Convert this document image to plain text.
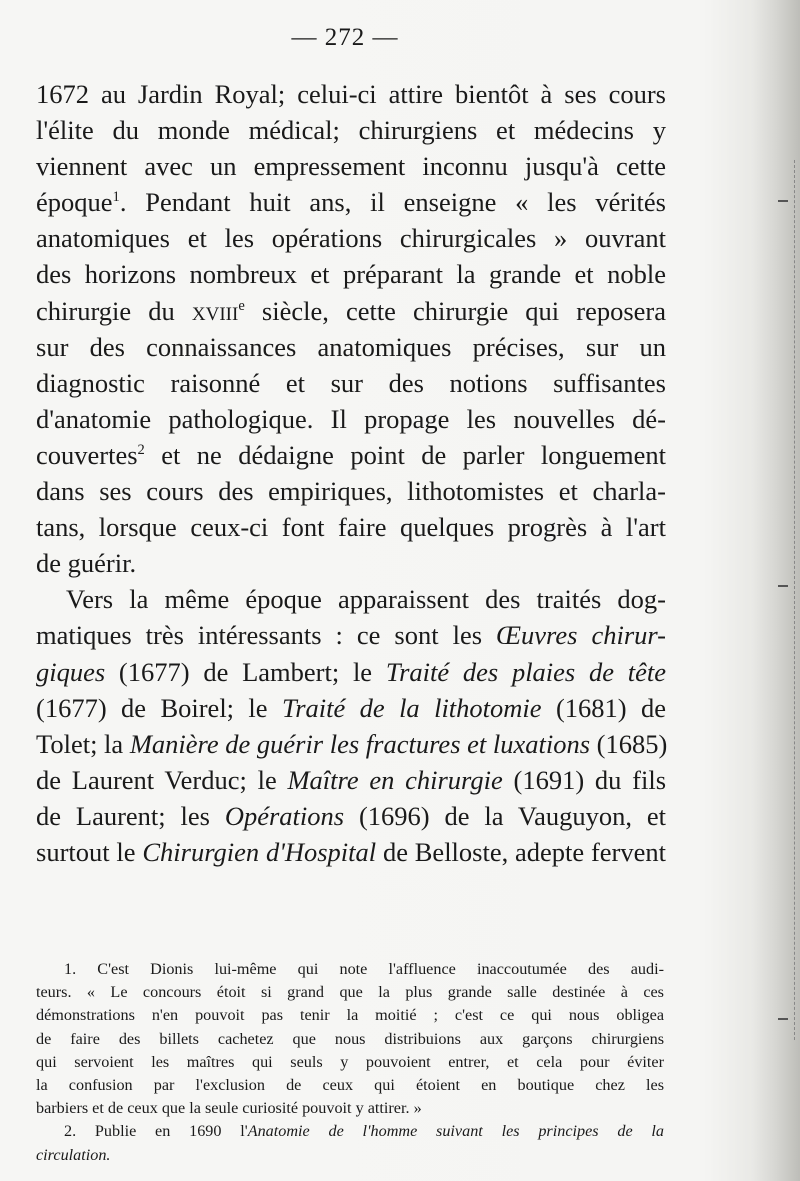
— 272 —
1672 au Jardin Royal; celui-ci attire bientôt à ses cours
l'élite du monde médical; chirurgiens et médecins y
viennent avec un empressement inconnu jusqu'à cette
époque$^1$. Pendant huit ans, il enseigne « les vérités
anatomiques et les opérations chirurgicales » ouvrant
des horizons nombreux et préparant la grande et noble
chirurgie du xviii$^e$ siècle, cette chirurgie qui reposera
sur des connaissances anatomiques précises, sur un
diagnostic raisonné et sur des notions suffisantes
d'anatomie pathologique. Il propage les nouvelles dé-
couvertes$^2$ et ne dédaigne point de parler longuement
dans ses cours des empiriques, lithotomistes et charla-
tans, lorsque ceux-ci font faire quelques progrès à l'art
de guérir.
Vers la même époque apparaissent des traités dog-
matiques très intéressants : ce sont les Œuvres chirur-
giques (1677) de Lambert; le Traité des plaies de tête
(1677) de Boirel; le Traité de la lithotomie (1681) de
Tolet; la Manière de guérir les fractures et luxations (1685)
de Laurent Verduc; le Maître en chirurgie (1691) du fils
de Laurent; les Opérations (1696) de la Vauguyon, et
surtout le Chirurgien d'Hospital de Belloste, adepte fervent
1. C'est Dionis lui-même qui note l'affluence inaccoutumée des audi-
teurs. « Le concours étoit si grand que la plus grande salle destinée à ces
démonstrations n'en pouvoit pas tenir la moitié ; c'est ce qui nous obligea
de faire des billets cachetez que nous distribuions aux garçons chirurgiens
qui servoient les maîtres qui seuls y pouvoient entrer, et cela pour éviter
la confusion par l'exclusion de ceux qui étoient en boutique chez les
barbiers et de ceux que la seule curiosité pouvoit y attirer. »
2. Publie en 1690 l'Anatomie de l'homme suivant les principes de la
circulation.
